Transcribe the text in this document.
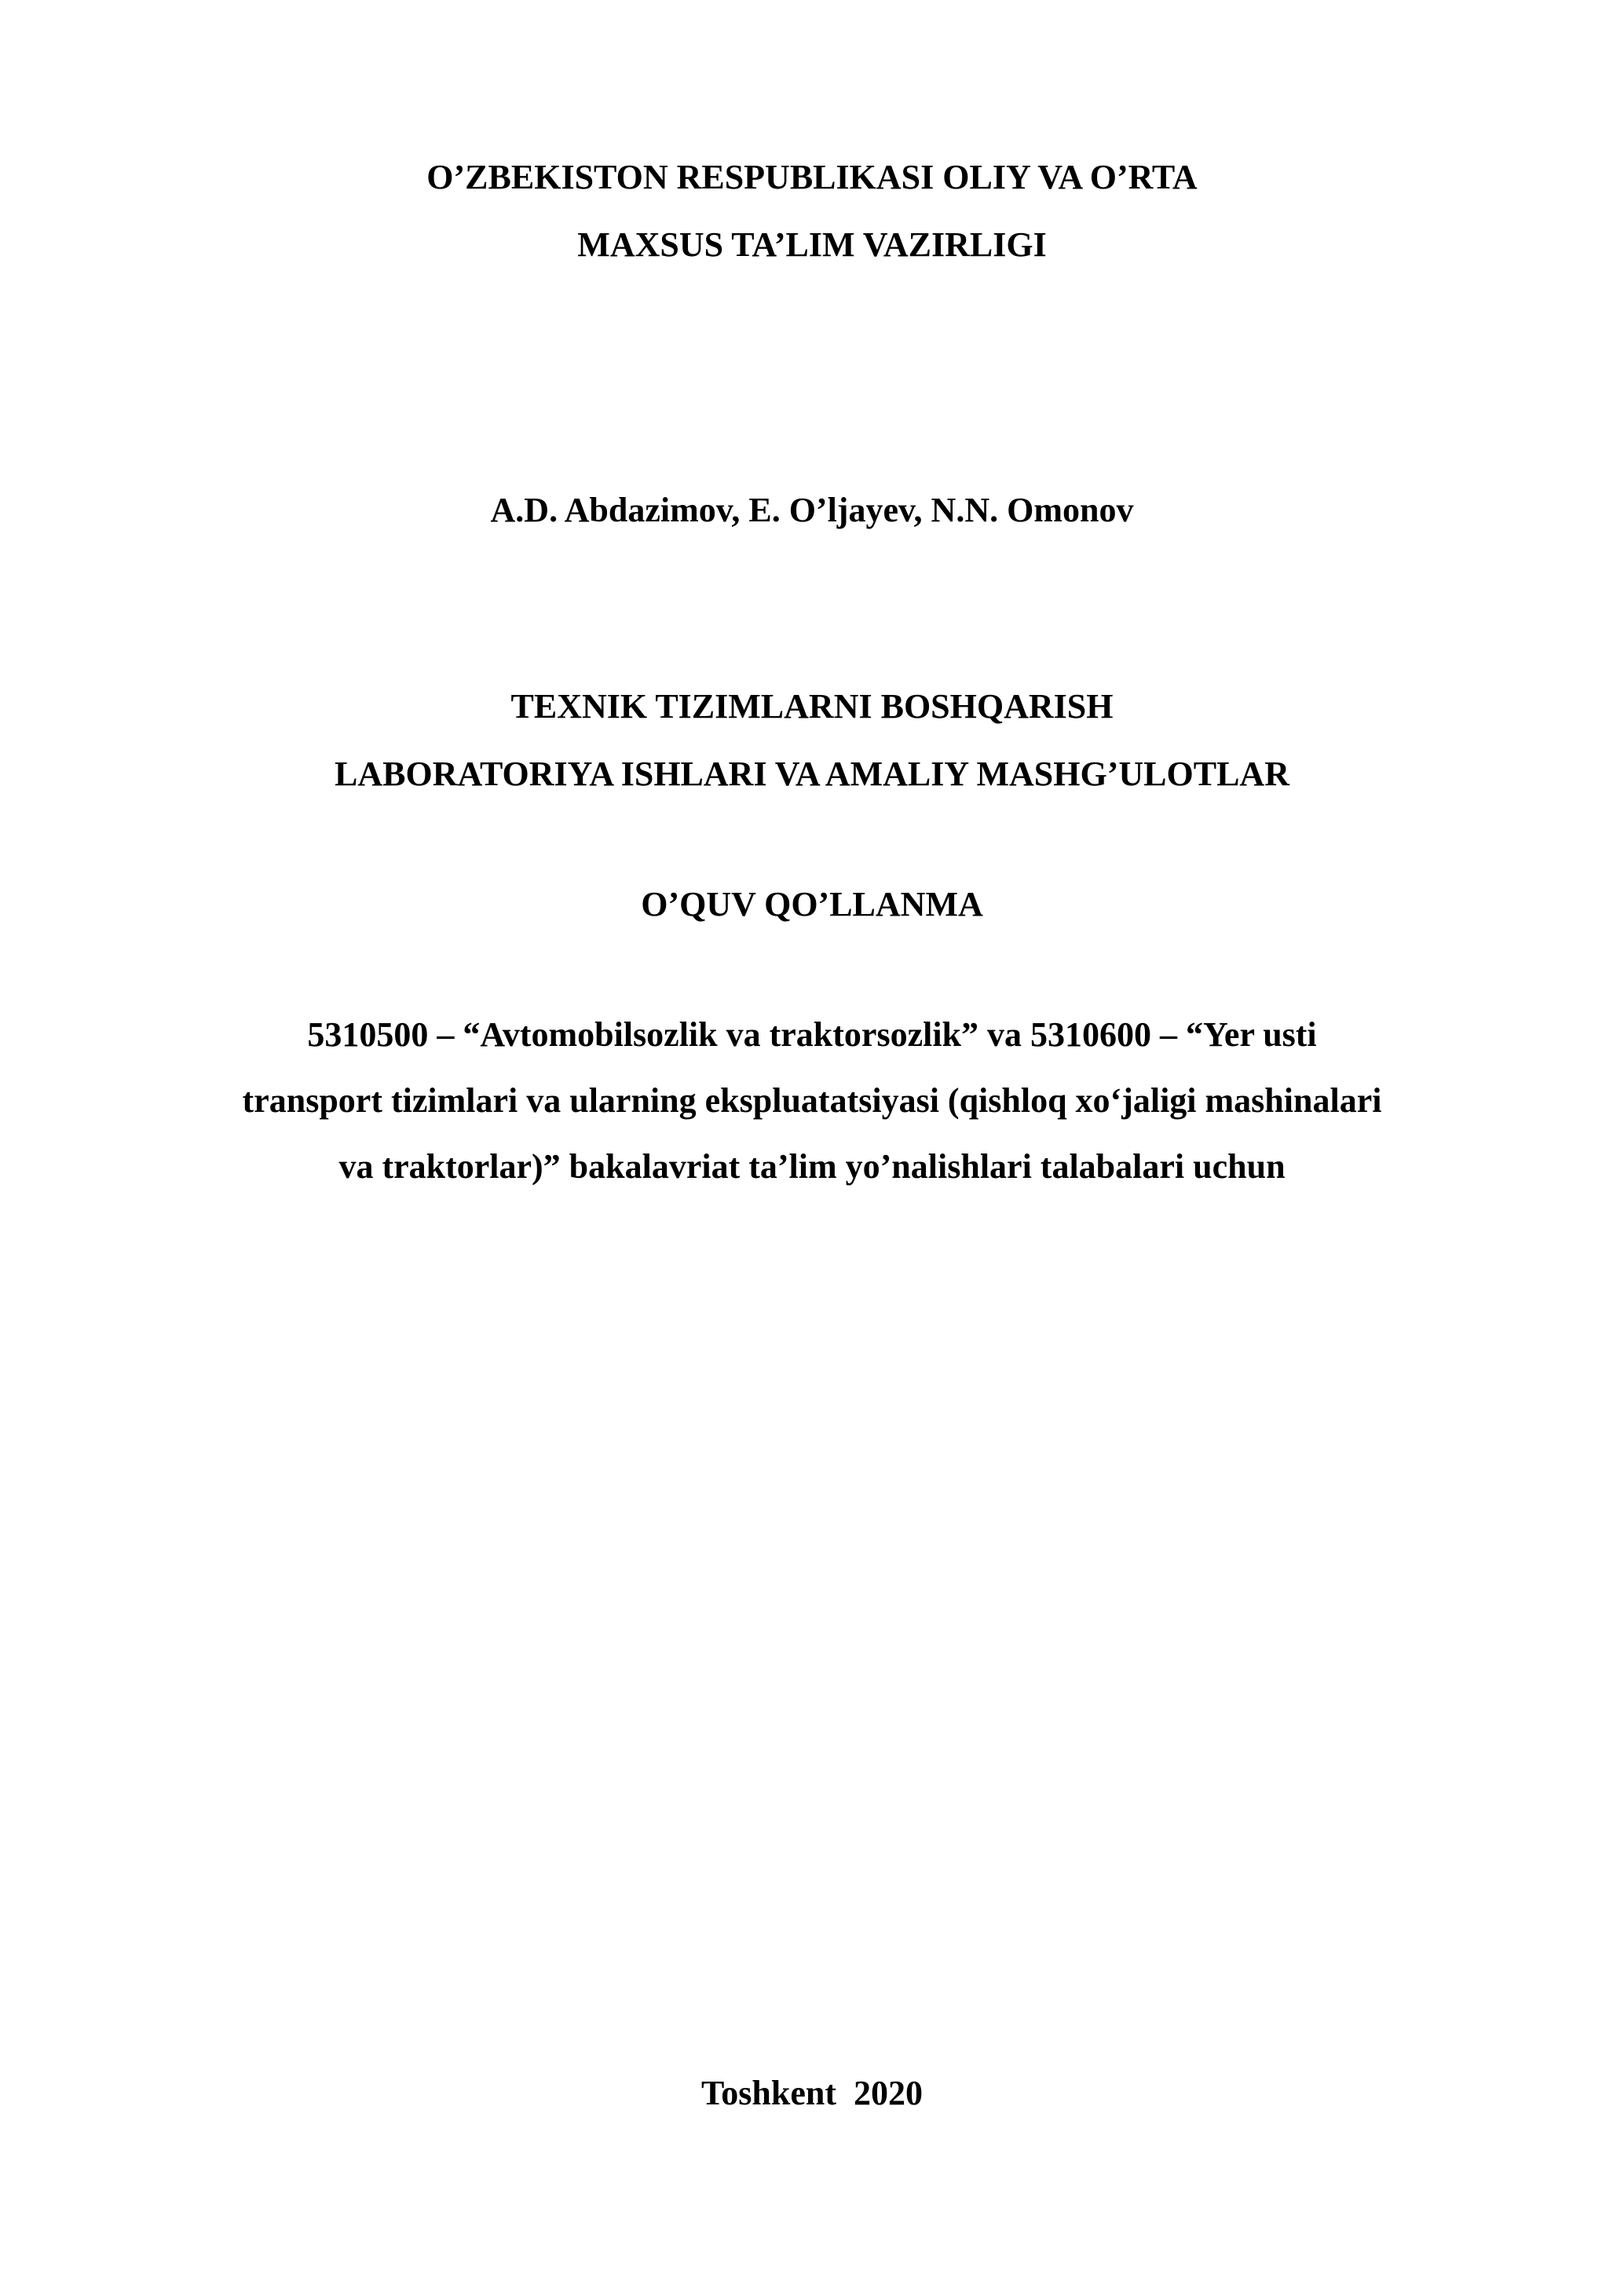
O’ZBEKISTON RESPUBLIKASI OLIY VA O’RTA
MAXSUS TA’LIM VAZIRLIGI
A.D. Abdazimov, E. O’ljayev, N.N. Omonov
TEXNIK TIZIMLARNI BOSHQARISH
LABORATORIYA ISHLARI VA AMALIY MASHG’ULOTLAR
O’QUV QO’LLANMA
5310500 – “Avtomobilsozlik va traktorsozlik” va 5310600 – “Yer usti
transport tizimlari va ularning ekspluatatsiyasi (qishloq xo‘jaligi mashinalari
va traktorlar)” bakalavriat ta’lim yo’nalishlari talabalari uchun
Toshkent  2020
